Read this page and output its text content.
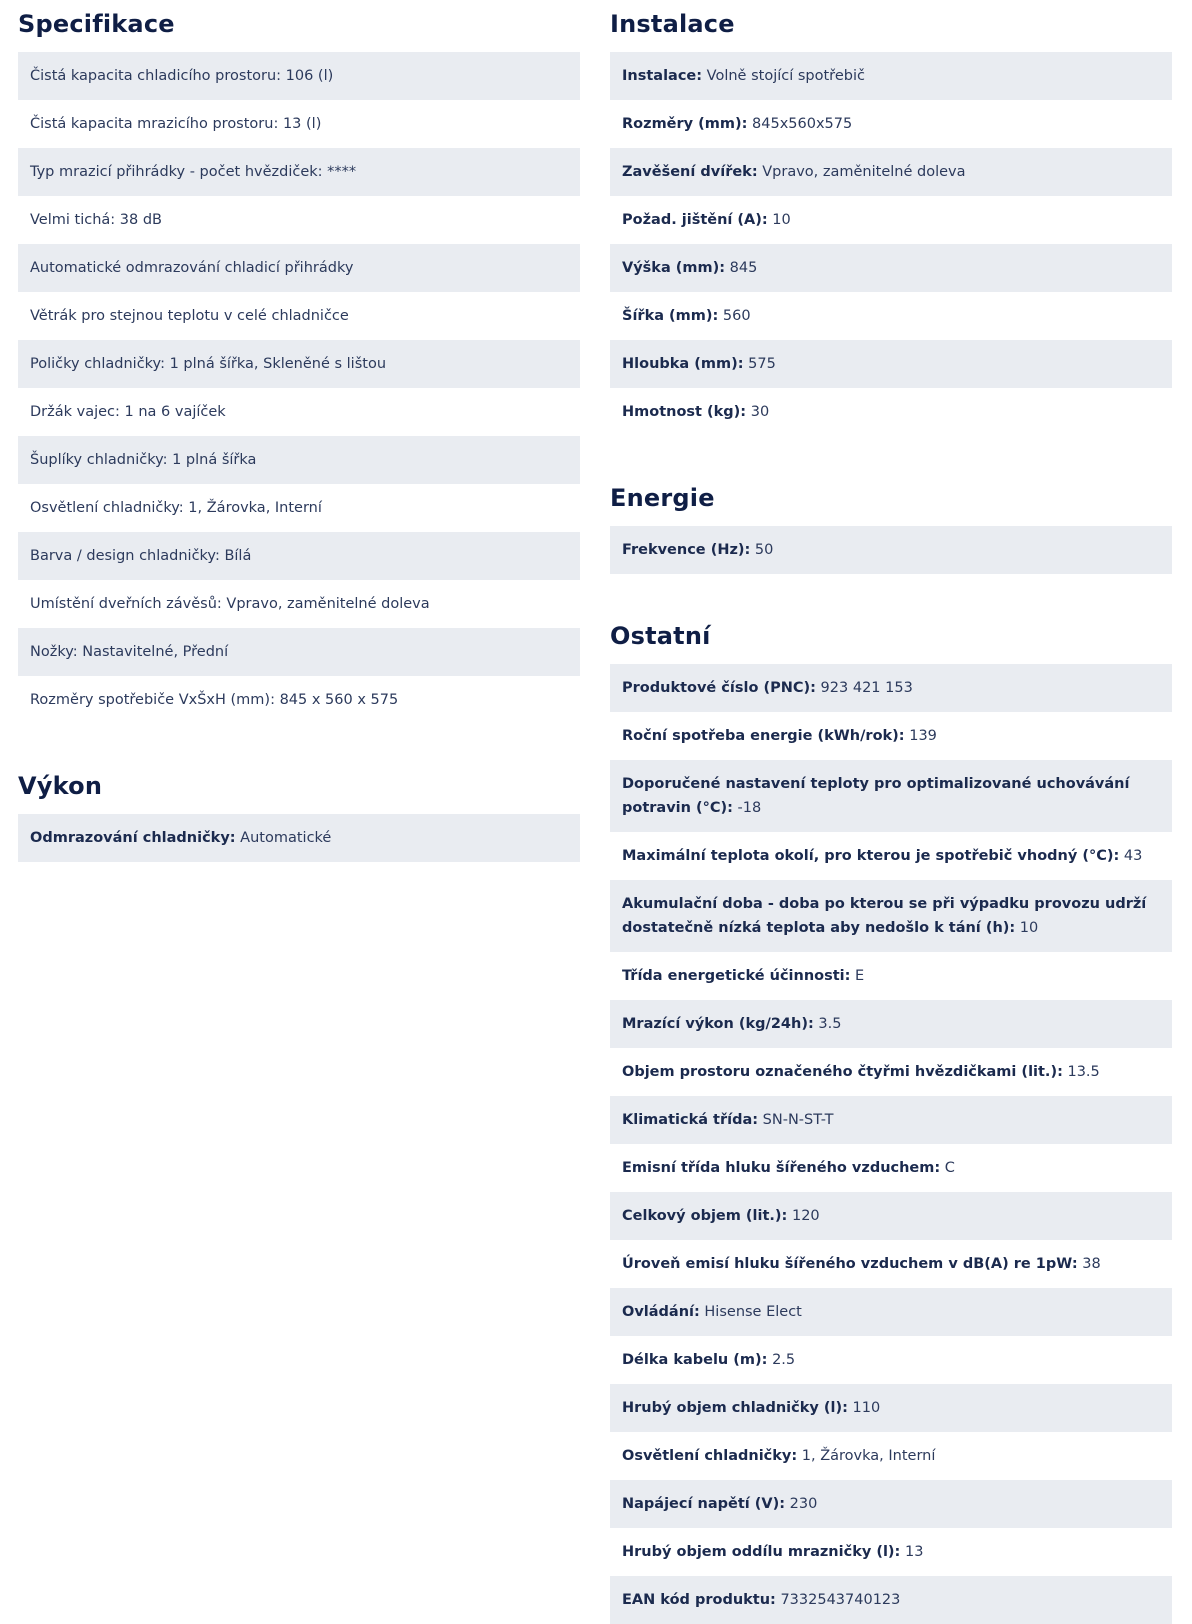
Specifikace
Čistá kapacita chladicího prostoru: 106 (l)
Čistá kapacita mrazicího prostoru: 13 (l)
Typ mrazicí přihrádky - počet hvězdiček: ****
Velmi tichá: 38 dB
Automatické odmrazování chladicí přihrádky
Větrák pro stejnou teplotu v celé chladničce
Poličky chladničky: 1 plná šířka, Skleněné s lištou
Držák vajec: 1 na 6 vajíček
Šuplíky chladničky: 1 plná šířka
Osvětlení chladničky: 1, Žárovka, Interní
Barva / design chladničky: Bílá
Umístění dveřních závěsů: Vpravo, zaměnitelné doleva
Nožky: Nastavitelné, Přední
Rozměry spotřebiče VxŠxH (mm): 845 x 560 x 575
Výkon
Odmrazování chladničky: Automatické
Instalace
Instalace: Volně stojící spotřebič
Rozměry (mm): 845x560x575
Zavěšení dvířek: Vpravo, zaměnitelné doleva
Požad. jištění (A): 10
Výška (mm): 845
Šířka (mm): 560
Hloubka (mm): 575
Hmotnost (kg): 30
Energie
Frekvence (Hz): 50
Ostatní
Produktové číslo (PNC): 923 421 153
Roční spotřeba energie (kWh/rok): 139
Doporučené nastavení teploty pro optimalizované uchovávání potravin (°C): -18
Maximální teplota okolí, pro kterou je spotřebič vhodný (°C): 43
Akumulační doba - doba po kterou se při výpadku provozu udrží dostatečně nízká teplota aby nedošlo k tání (h): 10
Třída energetické účinnosti: E
Mrazící výkon (kg/24h): 3.5
Objem prostoru označeného čtyřmi hvězdičkami (lit.): 13.5
Klimatická třída: SN-N-ST-T
Emisní třída hluku šířeného vzduchem: C
Celkový objem (lit.): 120
Úroveň emisí hluku šířeného vzduchem v dB(A) re 1pW: 38
Ovládání: Hisense Elect
Délka kabelu (m): 2.5
Hrubý objem chladničky (l): 110
Osvětlení chladničky: 1, Žárovka, Interní
Napájecí napětí (V): 230
Hrubý objem oddílu mrazničky (l): 13
EAN kód produktu: 7332543740123
